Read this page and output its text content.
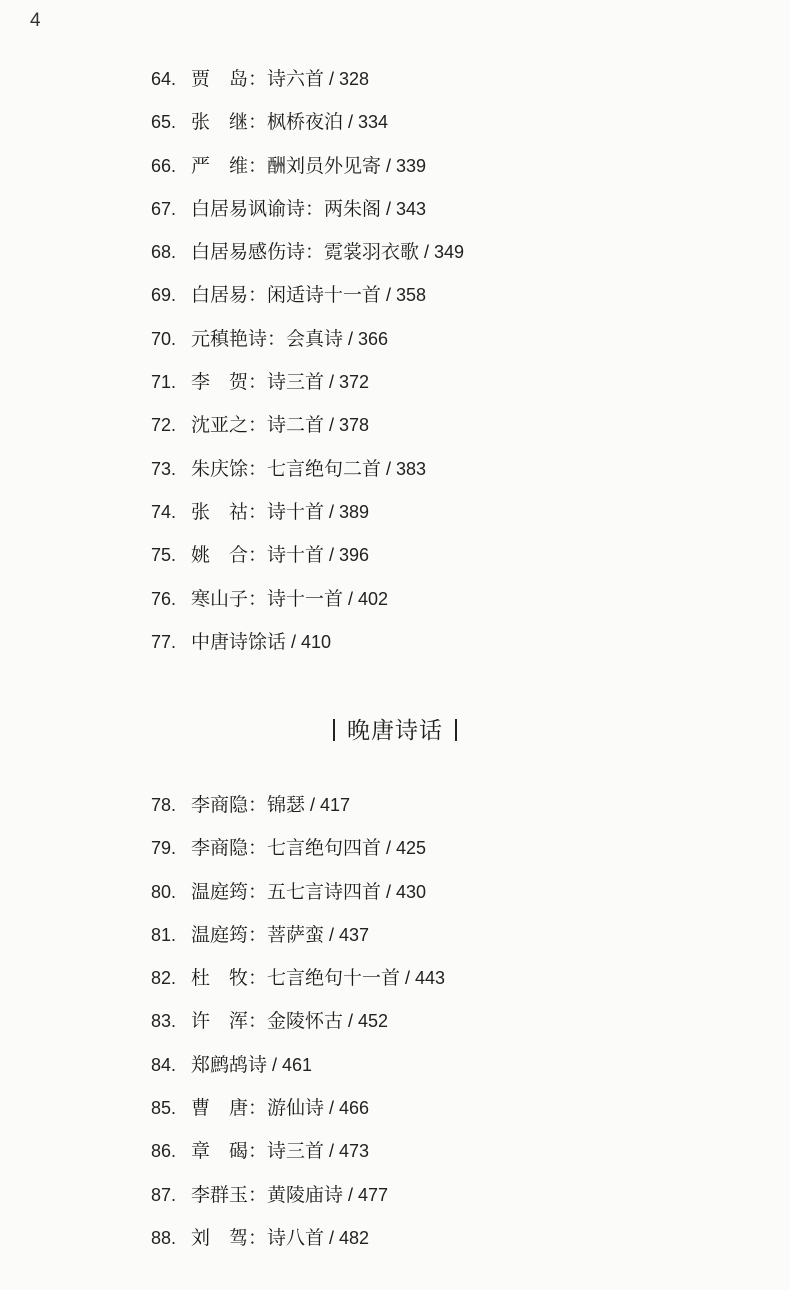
4
64. 贾　岛：诗六首 / 328
65. 张　继：枫桥夜泊 / 334
66. 严　维：酬刘员外见寄 / 339
67. 白居易讽谕诗：两朱阁 / 343
68. 白居易感伤诗：霓裳羽衣歌 / 349
69. 白居易：闲适诗十一首 / 358
70. 元稹艳诗：会真诗 / 366
71. 李　贺：诗三首 / 372
72. 沈亚之：诗二首 / 378
73. 朱庆馀：七言绝句二首 / 383
74. 张　祜：诗十首 / 389
75. 姚　合：诗十首 / 396
76. 寒山子：诗十一首 / 402
77. 中唐诗馀话 / 410
晚唐诗话
78. 李商隐：锦瑟 / 417
79. 李商隐：七言绝句四首 / 425
80. 温庭筠：五七言诗四首 / 430
81. 温庭筠：菩萨蛮 / 437
82. 杜　牧：七言绝句十一首 / 443
83. 许　浑：金陵怀古 / 452
84. 郑鹧鸪诗 / 461
85. 曹　唐：游仙诗 / 466
86. 章　碣：诗三首 / 473
87. 李群玉：黄陵庙诗 / 477
88. 刘　驾：诗八首 / 482
